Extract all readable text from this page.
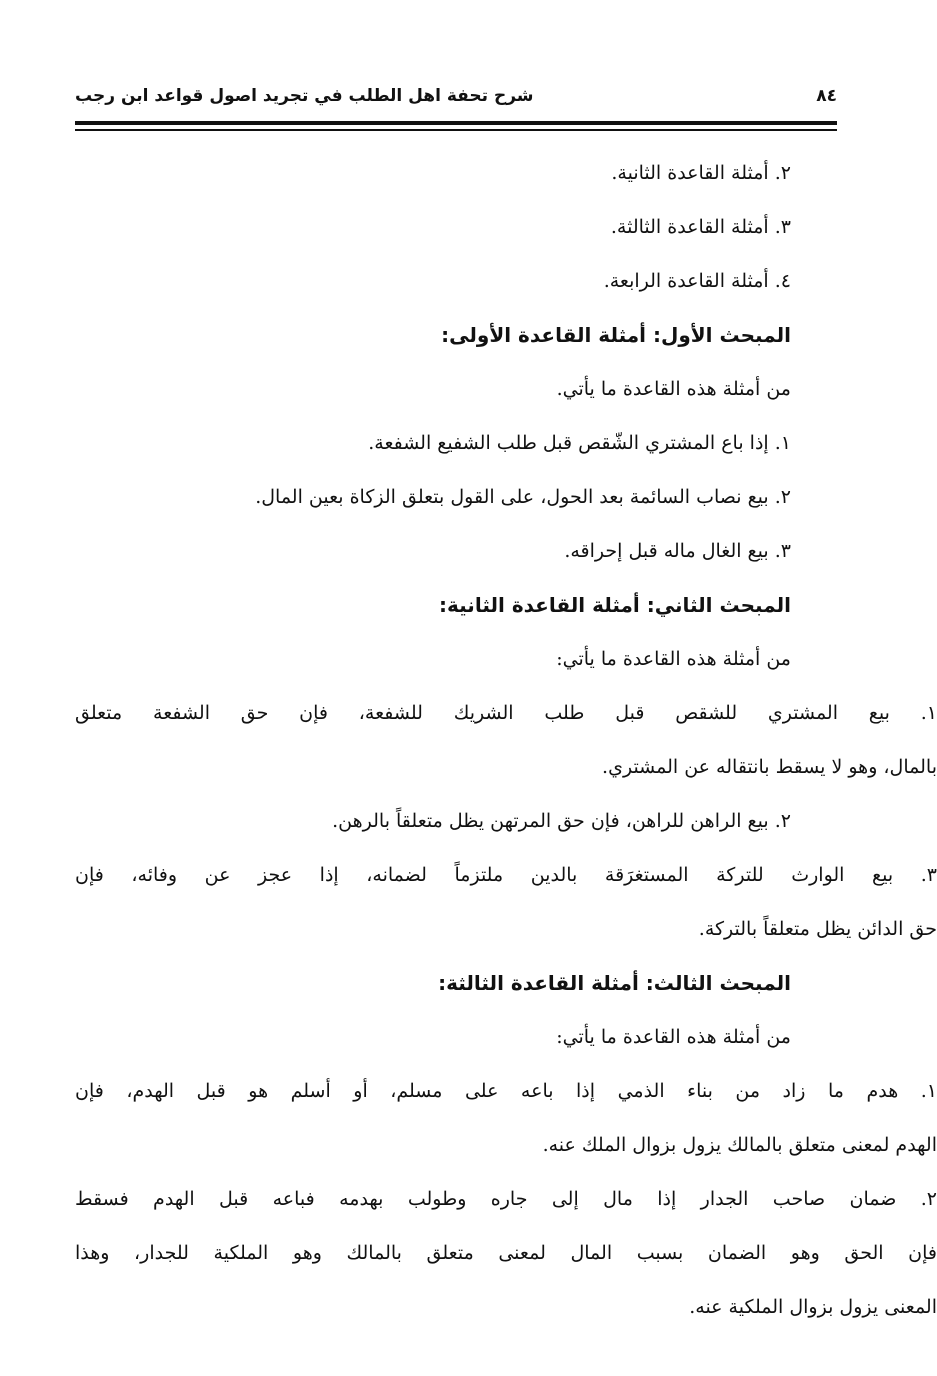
شرح تحفة اهل الطلب في تجريد اصول قواعد ابن رجب	٨٤
٢. أمثلة القاعدة الثانية.
٣. أمثلة القاعدة الثالثة.
٤. أمثلة القاعدة الرابعة.
المبحث الأول: أمثلة القاعدة الأولى:
من أمثلة هذه القاعدة ما يأتي.
١. إذا باع المشتري الشّقص قبل طلب الشفيع الشفعة.
٢. بيع نصاب السائمة بعد الحول، على القول بتعلق الزكاة بعين المال.
٣. بيع الغال ماله قبل إحراقه.
المبحث الثاني: أمثلة القاعدة الثانية:
من أمثلة هذه القاعدة ما يأتي:
١. بيع المشتري للشقص قبل طلب الشريك للشفعة، فإن حق الشفعة متعلق
بالمال، وهو لا يسقط بانتقاله عن المشتري.
٢. بيع الراهن للراهن، فإن حق المرتهن يظل متعلقاً بالرهن.
٣. بيع الوارث للتركة المستغرَقة بالدين ملتزماً لضمانه، إذا عجز عن وفائه، فإن
حق الدائن يظل متعلقاً بالتركة.
المبحث الثالث: أمثلة القاعدة الثالثة:
من أمثلة هذه القاعدة ما يأتي:
١. هدم ما زاد من بناء الذمي إذا باعه على مسلم، أو أسلم هو قبل الهدم، فإن
الهدم لمعنى متعلق بالمالك يزول بزوال الملك عنه.
٢. ضمان صاحب الجدار إذا مال إلى جاره وطولب بهدمه فباعه قبل الهدم فسقط
فإن الحق وهو الضمان بسبب المال لمعنى متعلق بالمالك وهو الملكية للجدار، وهذا
المعنى يزول بزوال الملكية عنه.
